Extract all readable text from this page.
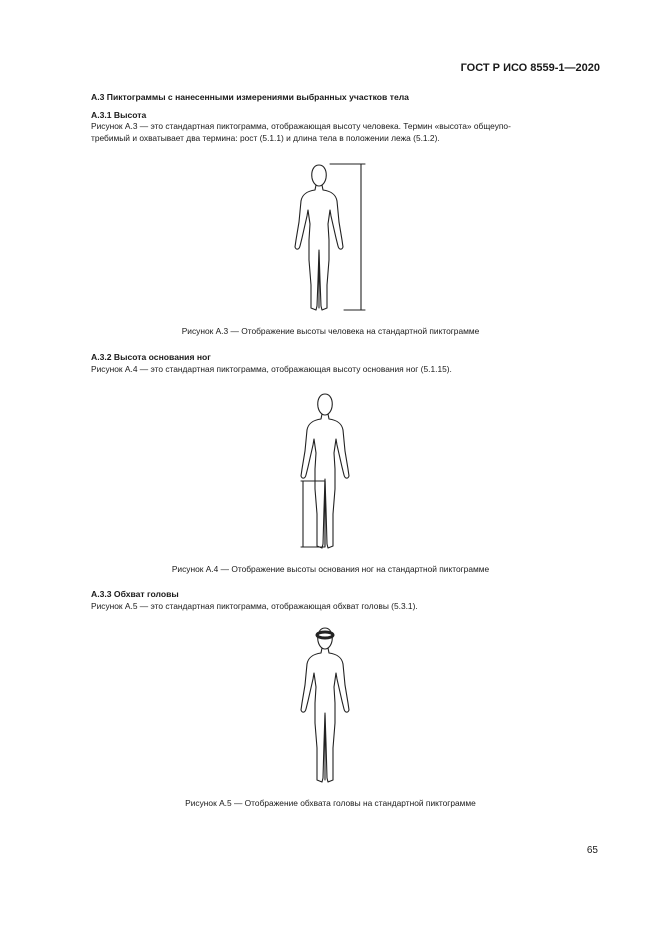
ГОСТ Р ИСО 8559-1—2020
А.3 Пиктограммы с нанесенными измерениями выбранных участков тела
А.3.1 Высота
Рисунок А.3 — это стандартная пиктограмма, отображающая высоту человека. Термин «высота» общеупо-
требимый и охватывает два термина: рост (5.1.1) и длина тела в положении лежа (5.1.2).
Рисунок А.3 — Отображение высоты человека на стандартной пиктограмме
А.3.2 Высота основания ног
Рисунок А.4 — это стандартная пиктограмма, отображающая высоту основания ног (5.1.15).
Рисунок А.4 — Отображение высоты основания ног на стандартной пиктограмме
А.3.3 Обхват головы
Рисунок А.5 — это стандартная пиктограмма, отображающая обхват головы (5.3.1).
Рисунок А.5 — Отображение обхвата головы на стандартной пиктограмме
65
